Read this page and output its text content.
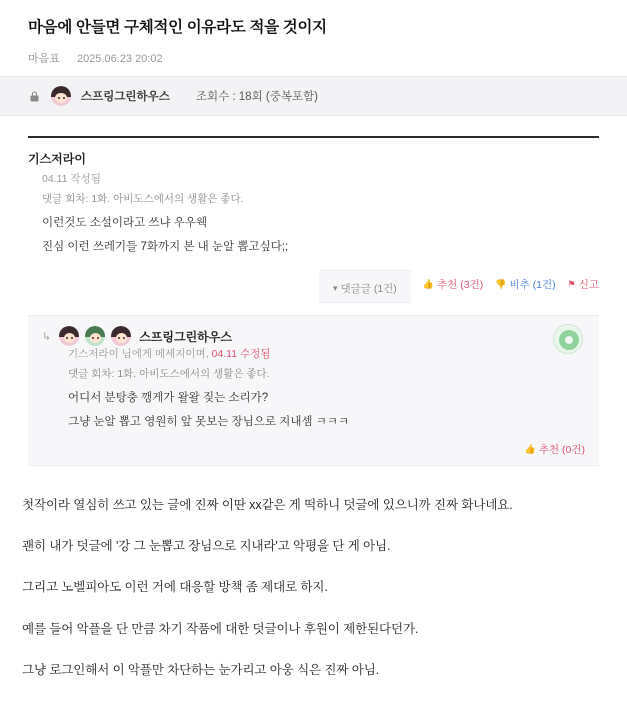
마음에 안들면 구체적인 이유라도 적을 것이지
마음표 2025.06.23 20:02
스프링그린하우스 조회수 : 18회 (중복포함)
기스저라이
04.11 작성됨
댓글 회차: 1화. 아비도스에서의 생활은 좋다.
이런것도 소설이라고 쓰냐 우우웩
진심 이런 쓰레기들 7화까지 본 내 눈알 뽑고싶다;;
▾ 댓글글 (1건)	👍 추천 (3건) 👎 비추 (1건) ⚑ 신고
↳	스프링그린하우스
기스저라이 님에게 메세지이며, 04.11 수정됨
댓글 회차: 1화. 아비도스에서의 생활은 좋다.
어디서 분탕충 깽게가 왈왈 짖는 소리가?
그냥 눈알 뽑고 영원히 앞 못보는 장님으로 지내셈 ㅋㅋㅋ
👍 추천 (0건)

첫작이라 열심히 쓰고 있는 글에 진짜 이딴 xx같은 게 떡하니 덧글에 있으니까 진짜 화나네요.

괜히 내가 덧글에 '강 그 눈뽑고 장님으로 지내라'고 악평을 단 게 아님.

그리고 노벨피아도 이런 거에 대응할 방책 좀 제대로 하지.

예를 들어 악플을 단 만큼 차기 작품에 대한 덧글이나 후원이 제한된다던가.

그냥 로그인해서 이 악플만 차단하는 눈가리고 아웅 식은 진짜 아님.
